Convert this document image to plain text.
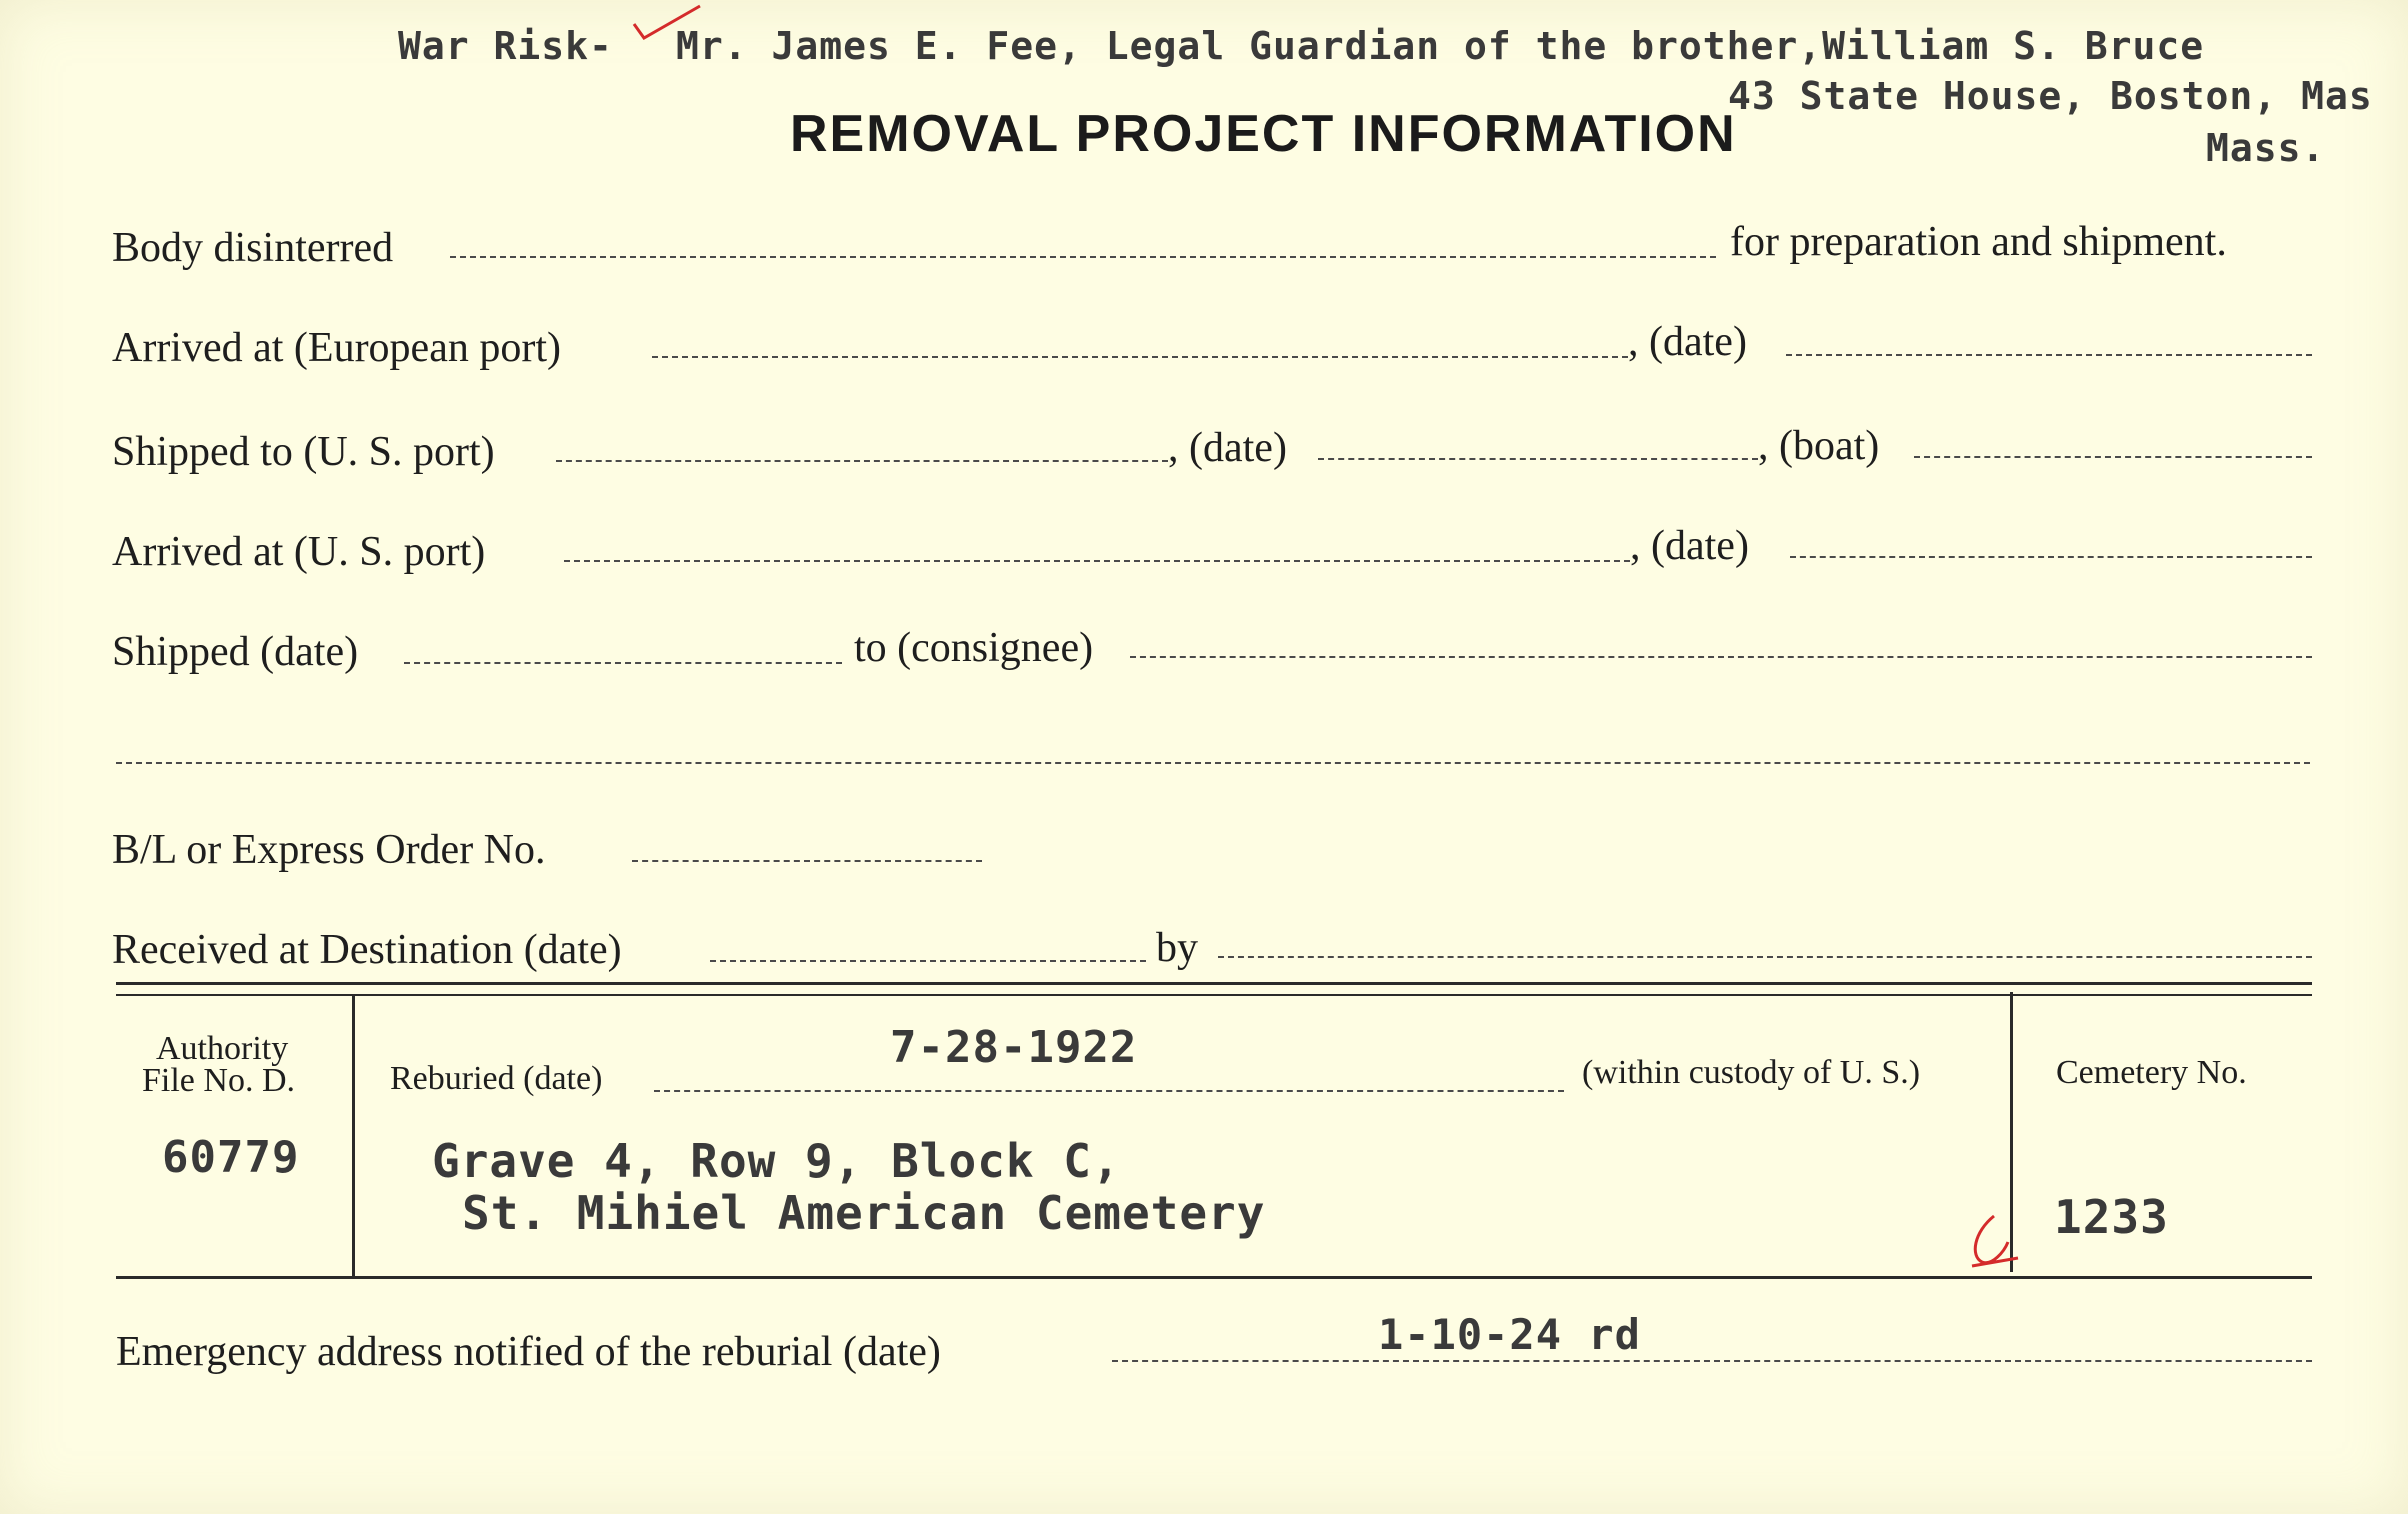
War Risk- Mr. James E. Fee, Legal Guardian of the brother,William S. Bruce
43 State House, Boston, Mas
Mass.
REMOVAL PROJECT INFORMATION
Body disinterred	for preparation and shipment.
Arrived at (European port)	, (date)
Shipped to (U. S. port)	, (date)	, (boat)
Arrived at (U. S. port)	, (date)
Shipped (date)	to (consignee)
B/L or Express Order No.
Received at Destination (date)	by
Authority
File No. D.
60779
Reburied (date)
7-28-1922	(within custody of U. S.)
Grave 4, Row 9, Block C,
St. Mihiel American Cemetery
Cemetery No.
1233
Emergency address notified of the reburial (date)	1-10-24 rd
